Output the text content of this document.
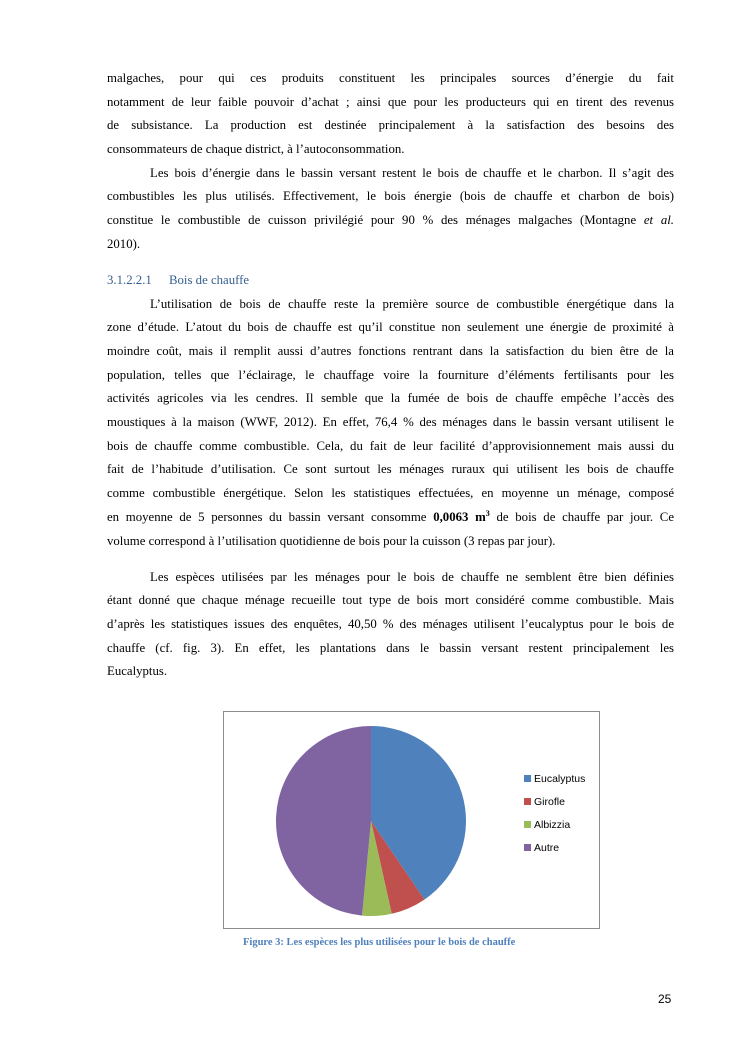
malgaches, pour qui ces produits constituent les principales sources d’énergie du fait

notamment de leur faible pouvoir d’achat ; ainsi que pour les producteurs qui en tirent des revenus

de subsistance. La production est destinée principalement à la satisfaction des besoins des

consommateurs de chaque district, à l’autoconsommation.

Les bois d’énergie dans le bassin versant restent le bois de chauffe et le charbon. Il s’agit des

combustibles les plus utilisés. Effectivement, le bois énergie (bois de chauffe et charbon de bois)

constitue le combustible de cuisson privilégié pour 90 % des ménages malgaches (Montagne et al.

2010).

3.1.2.2.1 Bois de chauffe

L’utilisation de bois de chauffe reste la première source de combustible énergétique dans la

zone d’étude. L’atout du bois de chauffe est qu’il constitue non seulement une énergie de proximité à

moindre coût, mais il remplit aussi d’autres fonctions rentrant dans la satisfaction du bien être de la

population, telles que l’éclairage, le chauffage voire la fourniture d’éléments fertilisants pour les

activités agricoles via les cendres. Il semble que la fumée de bois de chauffe empêche l’accès des

moustiques à la maison (WWF, 2012). En effet, 76,4 % des ménages dans le bassin versant utilisent le

bois de chauffe comme combustible. Cela, du fait de leur facilité d’approvisionnement mais aussi du

fait de l’habitude d’utilisation. Ce sont surtout les ménages ruraux qui utilisent les bois de chauffe

comme combustible énergétique. Selon les statistiques effectuées, en moyenne un ménage, composé

en moyenne de 5 personnes du bassin versant consomme 0,0063 $m^3$ de bois de chauffe par jour. Ce

volume correspond à l’utilisation quotidienne de bois pour la cuisson (3 repas par jour).

Les espèces utilisées par les ménages pour le bois de chauffe ne semblent être bien définies

étant donné que chaque ménage recueille tout type de bois mort considéré comme combustible. Mais

d’après les statistiques issues des enquêtes, 40,50 % des ménages utilisent l’eucalyptus pour le bois de

chauffe (cf. fig. 3). En effet, les plantations dans le bassin versant restent principalement les

Eucalyptus.

Eucalyptus
Girofle
Albizzia
Autre
Figure 3: Les espèces les plus utilisées pour le bois de chauffe
25
